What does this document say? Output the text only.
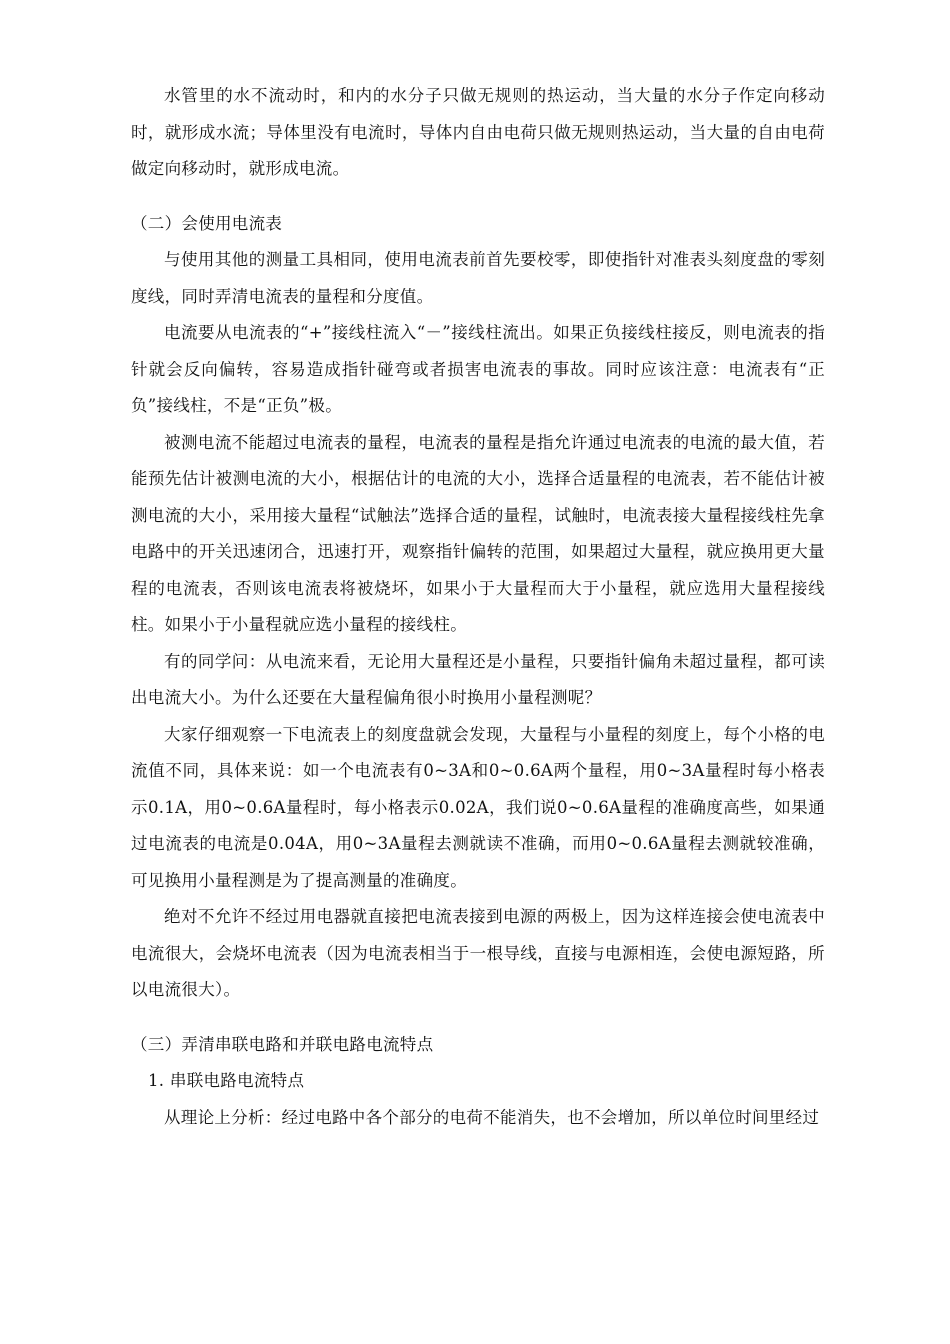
水管里的水不流动时，和内的水分子只做无规则的热运动，当大量的水分子作定向移动时，就形成水流；导体里没有电流时，导体内自由电荷只做无规则热运动，当大量的自由电荷做定向移动时，就形成电流。

（二）会使用电流表

与使用其他的测量工具相同，使用电流表前首先要校零，即使指针对准表头刻度盘的零刻度线，同时弄清电流表的量程和分度值。

电流要从电流表的“+”接线柱流入“－”接线柱流出。如果正负接线柱接反，则电流表的指针就会反向偏转，容易造成指针碰弯或者损害电流表的事故。同时应该注意：电流表有“正负”接线柱，不是“正负”极。

被测电流不能超过电流表的量程，电流表的量程是指允许通过电流表的电流的最大值，若能预先估计被测电流的大小，根据估计的电流的大小，选择合适量程的电流表，若不能估计被测电流的大小，采用接大量程“试触法”选择合适的量程，试触时，电流表接大量程接线柱先拿电路中的开关迅速闭合，迅速打开，观察指针偏转的范围，如果超过大量程，就应换用更大量程的电流表，否则该电流表将被烧坏，如果小于大量程而大于小量程，就应选用大量程接线柱。如果小于小量程就应选小量程的接线柱。

有的同学问：从电流来看，无论用大量程还是小量程，只要指针偏角未超过量程，都可读出电流大小。为什么还要在大量程偏角很小时换用小量程测呢？

大家仔细观察一下电流表上的刻度盘就会发现，大量程与小量程的刻度上，每个小格的电流值不同，具体来说：如一个电流表有0~3A和0~0.6A两个量程，用0~3A量程时每小格表示0.1A，用0~0.6A量程时，每小格表示0.02A，我们说0~0.6A量程的准确度高些，如果通过电流表的电流是0.04A，用0~3A量程去测就读不准确，而用0~0.6A量程去测就较准确，可见换用小量程测是为了提高测量的准确度。

绝对不允许不经过用电器就直接把电流表接到电源的两极上，因为这样连接会使电流表中电流很大，会烧坏电流表（因为电流表相当于一根导线，直接与电源相连，会使电源短路，所以电流很大）。

（三）弄清串联电路和并联电路电流特点

1. 串联电路电流特点

从理论上分析：经过电路中各个部分的电荷不能消失，也不会增加，所以单位时间里经过
